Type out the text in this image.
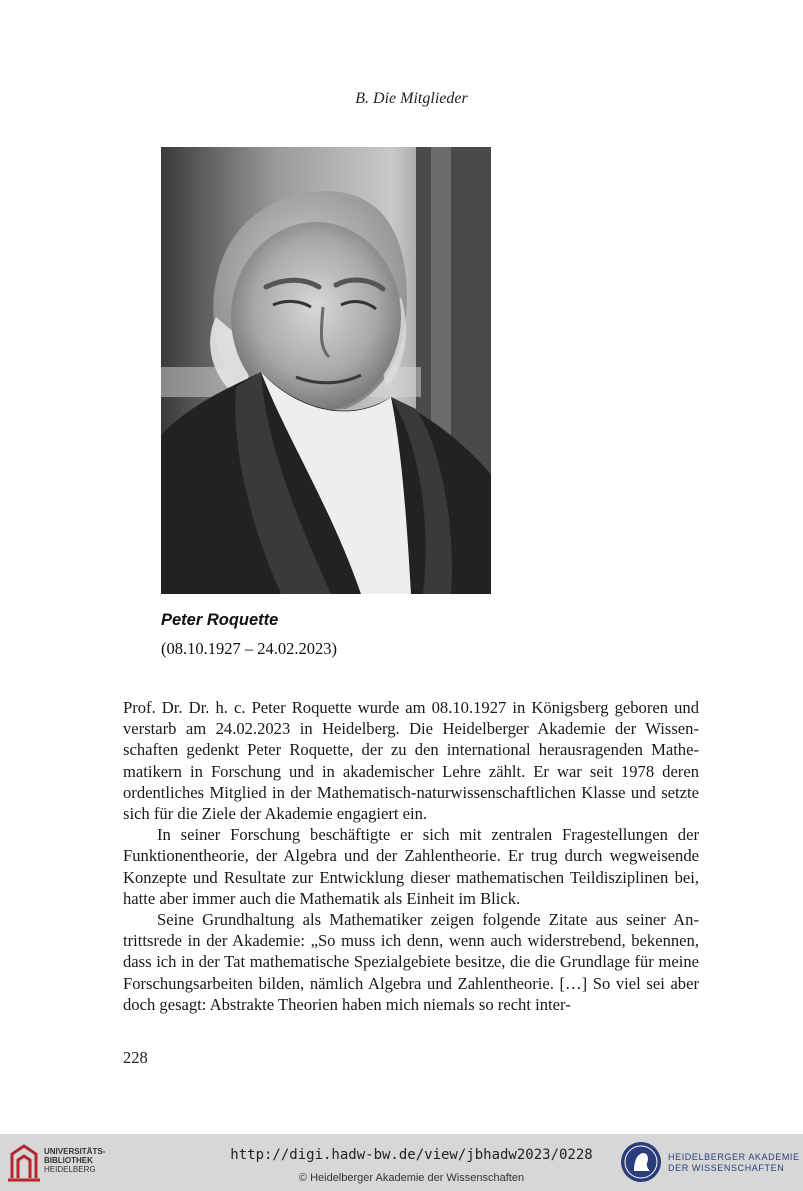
B. Die Mitglieder
Peter Roquette
(08.10.1927 – 24.02.2023)

Prof. Dr. Dr. h. c. Peter Roquette wurde am 08.10.1927 in Königsberg geboren und verstarb am 24.02.2023 in Heidelberg. Die Heidelberger Akademie der Wissenschaften gedenkt Peter Roquette, der zu den international herausragenden Mathematikern in Forschung und in akademischer Lehre zählt. Er war seit 1978 deren ordentliches Mitglied in der Mathematisch-naturwissenschaftlichen Klasse und setzte sich für die Ziele der Akademie engagiert ein.

In seiner Forschung beschäftigte er sich mit zentralen Fragestellungen der Funktionentheorie, der Algebra und der Zahlentheorie. Er trug durch wegweisende Konzepte und Resultate zur Entwicklung dieser mathematischen Teildisziplinen bei, hatte aber immer auch die Mathematik als Einheit im Blick.

Seine Grundhaltung als Mathematiker zeigen folgende Zitate aus seiner Antrittsrede in der Akademie: „So muss ich denn, wenn auch widerstrebend, bekennen, dass ich in der Tat mathematische Spezialgebiete besitze, die die Grundlage für meine Forschungsarbeiten bilden, nämlich Algebra und Zahlentheorie. […] So viel sei aber doch gesagt: Abstrakte Theorien haben mich niemals so recht inter-

228
UNIVERSITÄTS-
BIBLIOTHEK
HEIDELBERG
http://digi.hadw-bw.de/view/jbhadw2023/0228
© Heidelberger Akademie der Wissenschaften
HEIDELBERGER AKADEMIE
DER WISSENSCHAFTEN
